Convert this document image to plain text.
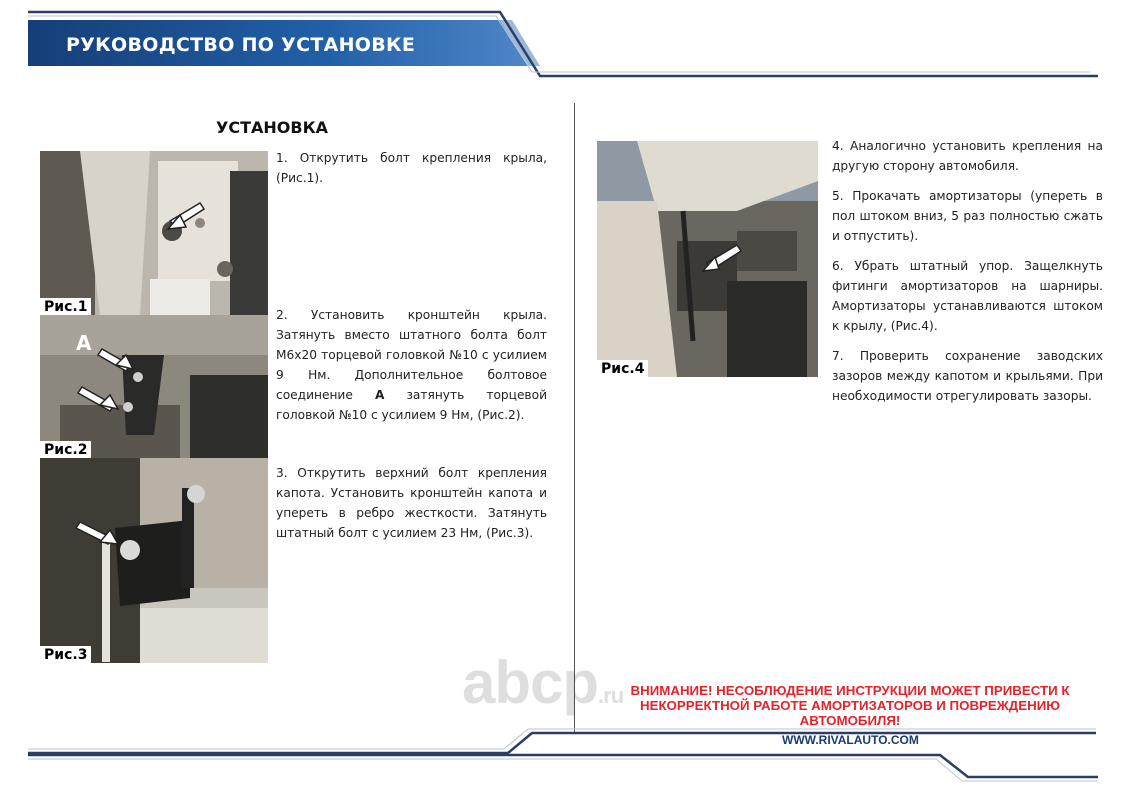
РУКОВОДСТВО ПО УСТАНОВКЕ
УСТАНОВКА
Рис.1
А
Рис.2
Рис.3
Рис.4
1. Открутить болт крепления крыла, (Рис.1).
2. Установить кронштейн крыла. Затянуть вместо штатного болта болт М6х20 торцевой головкой №10 с усилием 9 Нм. Дополнительное болтовое соединение А затянуть торцевой головкой №10 с усилием 9 Нм, (Рис.2).
3. Открутить верхний болт крепления капота. Установить кронштейн капота и упереть в ребро жесткости. Затянуть штатный болт с усилием 23 Нм, (Рис.3).

4. Аналогично установить крепления на другую сторону автомобиля.

5. Прокачать амортизаторы (упереть в пол штоком вниз, 5 раз полностью сжать и отпустить).

6. Убрать штатный упор. Защелкнуть фитинги амортизаторов на шарниры. Амортизаторы устанавливаются штоком к крылу, (Рис.4).

7. Проверить сохранение заводских зазоров между капотом и крыльями. При необходимости отрегулировать зазоры.

abcp.ru ВНИМАНИЕ! НЕСОБЛЮДЕНИЕ ИНСТРУКЦИИ МОЖЕТ ПРИВЕСТИ К
НЕКОРРЕКТНОЙ РАБОТЕ АМОРТИЗАТОРОВ И ПОВРЕЖДЕНИЮ
АВТОМОБИЛЯ!
WWW.RIVALAUTO.COM
